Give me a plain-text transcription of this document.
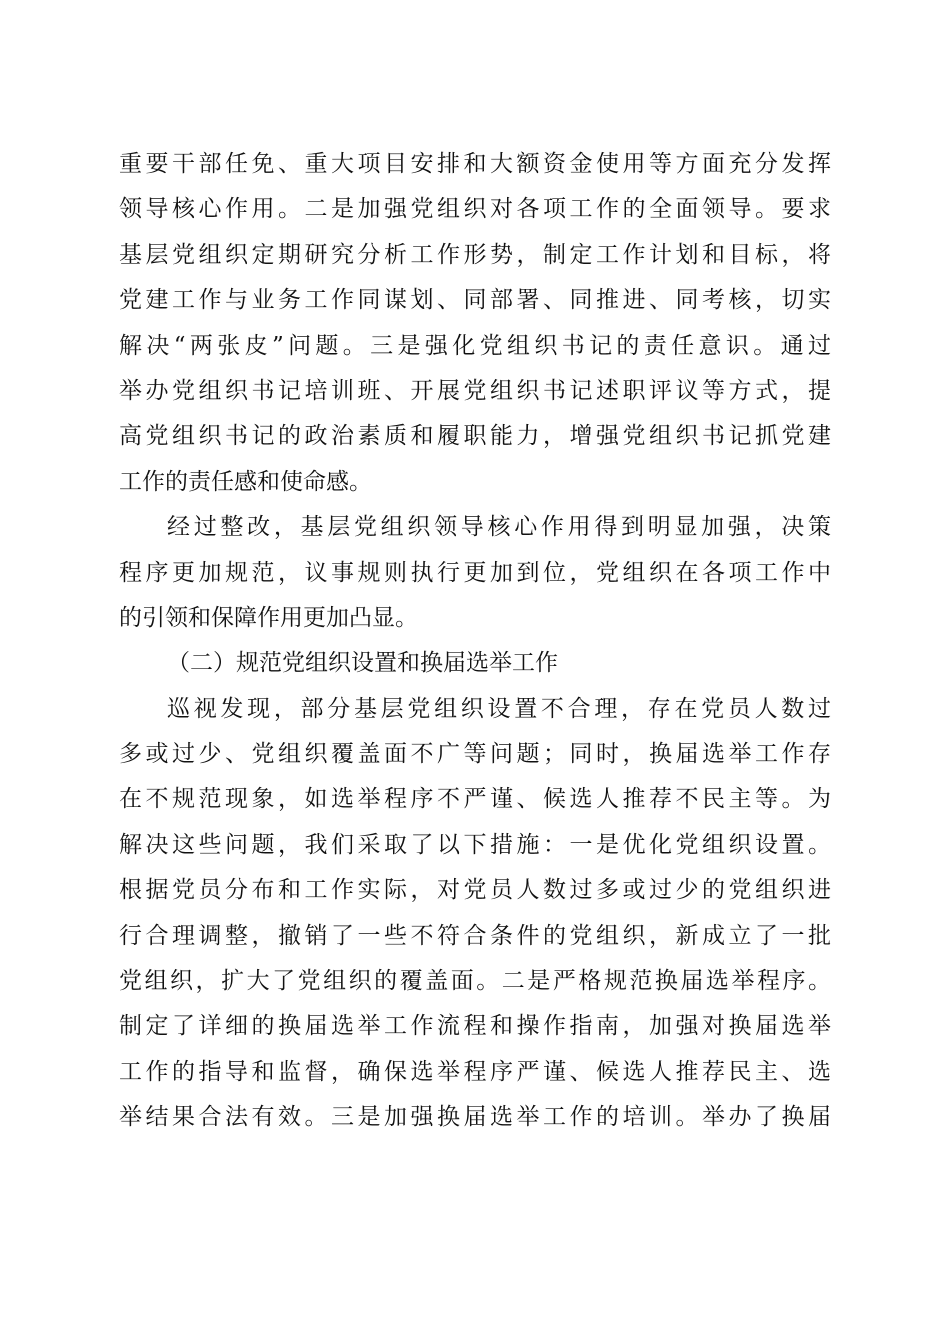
重要干部任免、重大项目安排和大额资金使用等方面充分发挥
领导核心作用。二是加强党组织对各项工作的全面领导。要求
基层党组织定期研究分析工作形势，制定工作计划和目标，将
党建工作与业务工作同谋划、同部署、同推进、同考核，切实
解决“两张皮”问题。三是强化党组织书记的责任意识。通过
举办党组织书记培训班、开展党组织书记述职评议等方式，提
高党组织书记的政治素质和履职能力，增强党组织书记抓党建
工作的责任感和使命感。
经过整改，基层党组织领导核心作用得到明显加强，决策
程序更加规范，议事规则执行更加到位，党组织在各项工作中
的引领和保障作用更加凸显。
（二）规范党组织设置和换届选举工作
巡视发现，部分基层党组织设置不合理，存在党员人数过
多或过少、党组织覆盖面不广等问题；同时，换届选举工作存
在不规范现象，如选举程序不严谨、候选人推荐不民主等。为
解决这些问题，我们采取了以下措施：一是优化党组织设置。
根据党员分布和工作实际，对党员人数过多或过少的党组织进
行合理调整，撤销了一些不符合条件的党组织，新成立了一批
党组织，扩大了党组织的覆盖面。二是严格规范换届选举程序。
制定了详细的换届选举工作流程和操作指南，加强对换届选举
工作的指导和监督，确保选举程序严谨、候选人推荐民主、选
举结果合法有效。三是加强换届选举工作的培训。举办了换届
